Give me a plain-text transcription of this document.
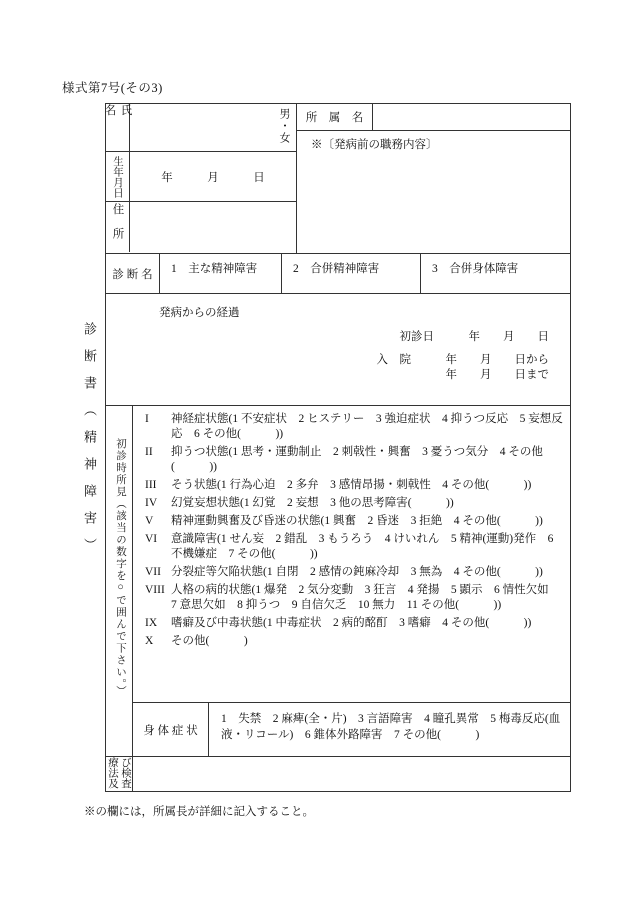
様式第7号(その3)
診断書（精神障害）
氏名	男・女
生年月日	年　　　月　　　日
住所
所　属　名
※〔発病前の職務内容〕
診 断 名	1　主な精神障害	2　合併精神障害	3　合併身体障害
発病からの経過
初診日　　　年　　月　　日
入　院　　　年　　月　　日から
年　　月　　日まで
初診時所見（該当の数字を○で囲んで下さい。）
I	神経症状態(1 不安症状　2 ヒステリー　3 強迫症状　4 抑うつ反応　5 妄想反応　6 その他(　　　))
II	抑うつ状態(1 思考・運動制止　2 刺戟性・興奮　3 憂うつ気分　4 その他(　　　))
III	そう状態(1 行為心迫　2 多弁　3 感情昂揚・刺戟性　4 その他(　　　))
IV	幻覚妄想状態(1 幻覚　2 妄想　3 他の思考障害(　　　))
V	精神運動興奮及び昏迷の状態(1 興奮　2 昏迷　3 拒絶　4 その他(　　　))
VI	意識障害(1 せん妄　2 錯乱　3 もうろう　4 けいれん　5 精神(運動)発作　6 不機嫌症　7 その他(　　　))
VII 分裂症等欠陥状態(1 自閉　2 感情の鈍麻冷却　3 無為　4 その他(　　　))
VIII 人格の病的状態(1 爆発　2 気分変動　3 狂言　4 発揚　5 顕示　6 情性欠如　7 意思欠如　8 抑うつ　9 自信欠乏　10 無力　11 その他(　　　))
IX	嗜癖及び中毒状態(1 中毒症状　2 病的酩酊　3 嗜癖　4 その他(　　　))
X	その他(　　　)
身 体 症 状
1　失禁　2 麻痺(全・片)　3 言語障害　4 瞳孔異常　5 梅毒反応(血液・リコール)　6 錐体外路障害　7 その他(　　　)
療法及び検査
※の欄には，所属長が詳細に記入すること。
